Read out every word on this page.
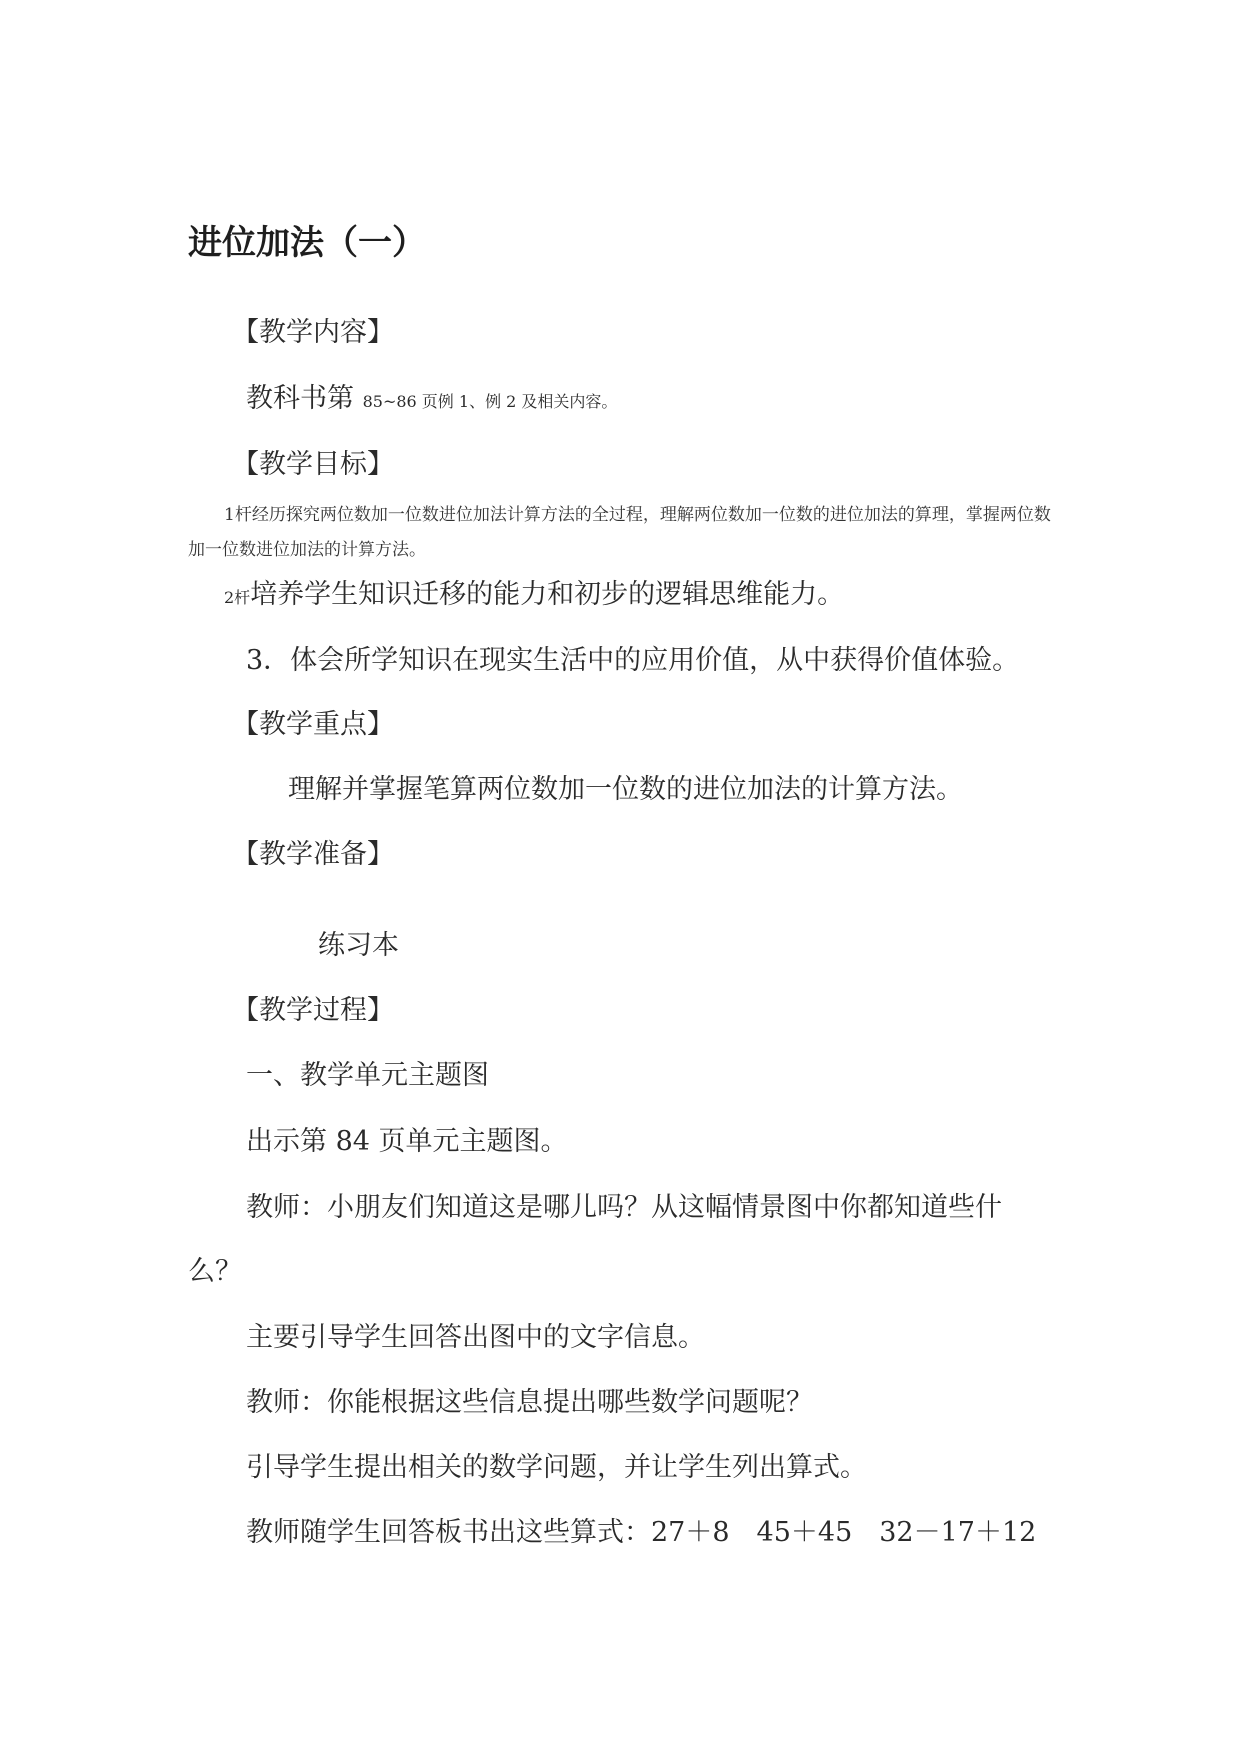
进位加法（一）
【教学内容】
教科书第 85~86 页例 1、例 2 及相关内容。
【教学目标】
1杆经历探究两位数加一位数进位加法计算方法的全过程，理解两位数加一位数的进位加法的算理，掌握两位数加一位数进位加法的计算方法。
2杆培养学生知识迁移的能力和初步的逻辑思维能力。
3．体会所学知识在现实生活中的应用价值，从中获得价值体验。
【教学重点】
理解并掌握笔算两位数加一位数的进位加法的计算方法。
【教学准备】
练习本
【教学过程】
一、教学单元主题图
出示第 84 页单元主题图。
教师：小朋友们知道这是哪儿吗？从这幅情景图中你都知道些什
么？
主要引导学生回答出图中的文字信息。
教师：你能根据这些信息提出哪些数学问题呢？
引导学生提出相关的数学问题，并让学生列出算式。
教师随学生回答板书出这些算式：27＋8　45＋45　32－17＋12
